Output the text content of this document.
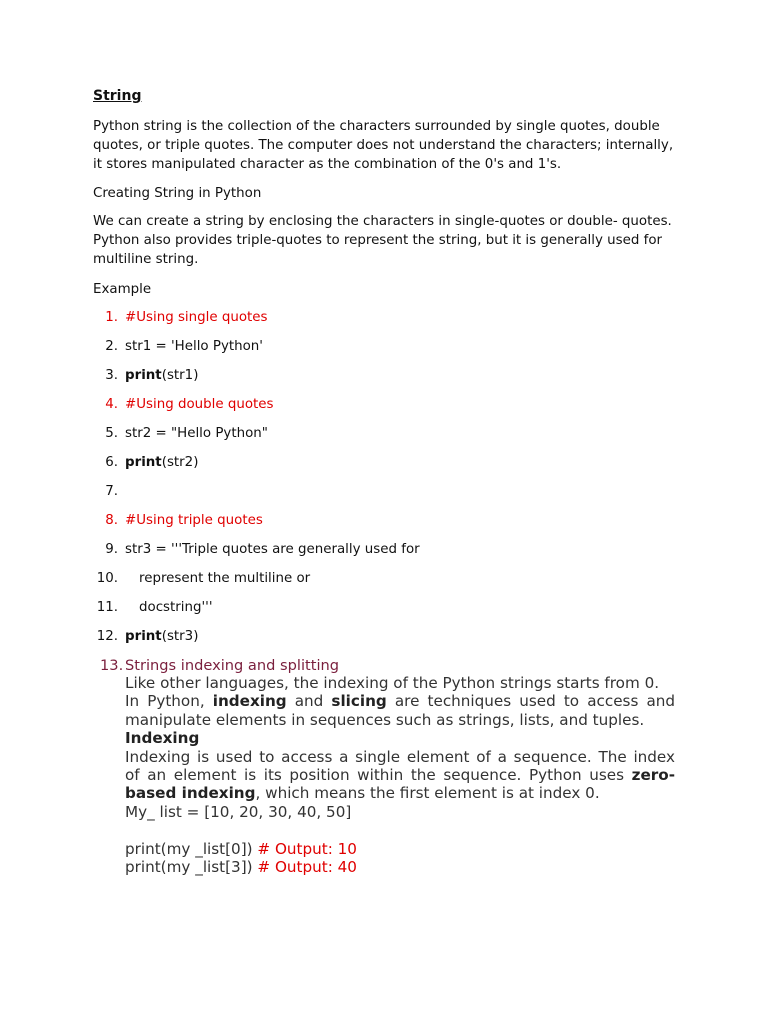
String
Python string is the collection of the characters surrounded by single quotes, double quotes, or triple quotes. The computer does not understand the characters; internally, it stores manipulated character as the combination of the 0's and 1's.
Creating String in Python
We can create a string by enclosing the characters in single-quotes or double- quotes. Python also provides triple-quotes to represent the string, but it is generally used for multiline string.
Example
1. #Using single quotes
2. str1 = 'Hello Python'
3. print(str1)
4. #Using double quotes
5. str2 = "Hello Python"
6. print(str2)
7.
8. #Using triple quotes
9. str3 = '''Triple quotes are generally used for
10. represent the multiline or
11. docstring'''
12. print(str3)
13. Strings indexing and splitting
Like other languages, the indexing of the Python strings starts from 0.
In Python, indexing and slicing are techniques used to access and
manipulate elements in sequences such as strings, lists, and tuples.
Indexing
Indexing is used to access a single element of a sequence. The index
of an element is its position within the sequence. Python uses zero-
based indexing, which means the first element is at index 0.
My_ list = [10, 20, 30, 40, 50]
print(my _list[0]) # Output: 10
print(my _list[3]) # Output: 40
